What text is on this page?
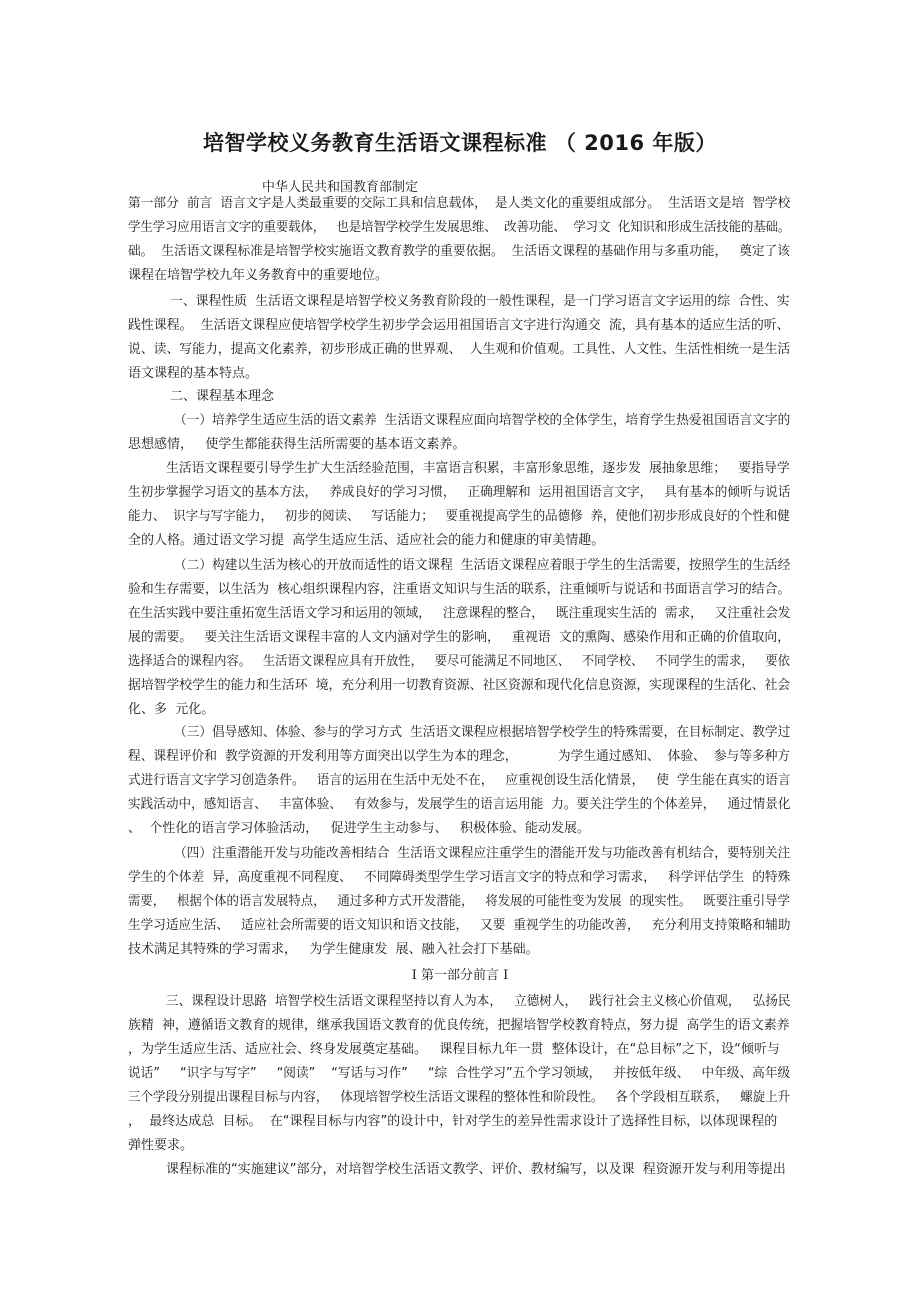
培智学校义务教育生活语文课程标准 （ 2016 年版）
中华人民共和国教育部制定
第一部分  前言  语言文字是人类最重要的交际工具和信息载体，  是人类文化的重要组成部分。  生活语文是培  智学校
学生学习应用语言文字的重要载体，   也是培智学校学生发展思维、  改善功能、  学习文  化知识和形成生活技能的基础。
础。  生活语文课程标准是培智学校实施语文教育教学的重要依据。  生活语文课程的基础作用与多重功能，   奠定了该
课程在培智学校九年义务教育中的重要地位。
一、课程性质  生活语文课程是培智学校义务教育阶段的一般性课程，是一门学习语言文字运用的综  合性、实
践性课程。  生活语文课程应使培智学校学生初步学会运用祖国语言文字进行沟通交  流，具有基本的适应生活的听、
说、读、写能力，提高文化素养，初步形成正确的世界观、  人生观和价值观。工具性、人文性、生活性相统一是生活
语文课程的基本特点。
二、课程基本理念
（一）培养学生适应生活的语文素养  生活语文课程应面向培智学校的全体学生，培育学生热爱祖国语言文字的
思想感情，   使学生都能获得生活所需要的基本语文素养。
生活语文课程要引导学生扩大生活经验范围，丰富语言积累，丰富形象思维，逐步发  展抽象思维；   要指导学
生初步掌握学习语文的基本方法，   养成良好的学习习惯，   正确理解和  运用祖国语言文字，   具有基本的倾听与说话
能力、  识字与写字能力，   初步的阅读、   写话能力；   要重视提高学生的品德修  养，使他们初步形成良好的个性和健
全的人格。通过语文学习提  高学生适应生活、适应社会的能力和健康的审美情趣。
（二）构建以生活为核心的开放而适性的语文课程  生活语文课程应着眼于学生的生活需要，按照学生的生活经
验和生存需要，以生活为  核心组织课程内容，注重语文知识与生活的联系，注重倾听与说话和书面语言学习的结合。
在生活实践中要注重拓宽生活语文学习和运用的领域，   注意课程的整合，   既注重现实生活的  需求，   又注重社会发
展的需要。   要关注生活语文课程丰富的人文内涵对学生的影响，   重视语  文的熏陶、感染作用和正确的价值取向，
选择适合的课程内容。   生活语文课程应具有开放性，   要尽可能满足不同地区、   不同学校、   不同学生的需求，   要依
据培智学校学生的能力和生活环  境，充分利用一切教育资源、社区资源和现代化信息资源，实现课程的生活化、社会
化、多  元化。
（三）倡导感知、体验、参与的学习方式  生活语文课程应根据培智学校学生的特殊需要，在目标制定、教学过
程、课程评价和  教学资源的开发利用等方面突出以学生为本的理念，          为学生通过感知、  体验、  参与等多种方
式进行语言文字学习创造条件。   语言的运用在生活中无处不在，   应重视创设生活化情景，   使  学生能在真实的语言
实践活动中，感知语言、   丰富体验、   有效参与，发展学生的语言运用能  力。要关注学生的个体差异，   通过情景化
、  个性化的语言学习体验活动，   促进学生主动参与、   积极体验、能动发展。
（四）注重潜能开发与功能改善相结合  生活语文课程应注重学生的潜能开发与功能改善有机结合，要特别关注
学生的个体差  异，高度重视不同程度、   不同障碍类型学生学习语言文字的特点和学习需求，   科学评估学生  的特殊
需要，   根据个体的语言发展特点，   通过多种方式开发潜能，   将发展的可能性变为发展  的现实性。   既要注重引导学
生学习适应生活、   适应社会所需要的语文知识和语文技能，   又要  重视学生的功能改善，   充分利用支持策略和辅助
技术满足其特殊的学习需求，   为学生健康发  展、融入社会打下基础。
I 第一部分前言 I
三、课程设计思路  培智学校生活语文课程坚持以育人为本，   立德树人，   践行社会主义核心价值观，   弘扬民
族精  神，遵循语文教育的规律，继承我国语文教育的优良传统，把握培智学校教育特点，努力提  高学生的语文素养
，为学生适应生活、适应社会、终身发展奠定基础。   课程目标九年一贯  整体设计，在“总目标”之下，设“倾听与
说话”     “识字与写字”     “阅读”    “写话与习作”     “综  合性学习”五个学习领域，   并按低年级、   中年级、高年级
三个学段分别提出课程目标与内容，   体现培智学校生活语文课程的整体性和阶段性。   各个学段相互联系，   螺旋上升
，  最终达成总  目标。  在“课程目标与内容”的设计中，针对学生的差异性需求设计了选择性目标，以体现课程的
弹性要求。
课程标准的“实施建议”部分，对培智学校生活语文教学、评价、教材编写，以及课  程资源开发与利用等提出
